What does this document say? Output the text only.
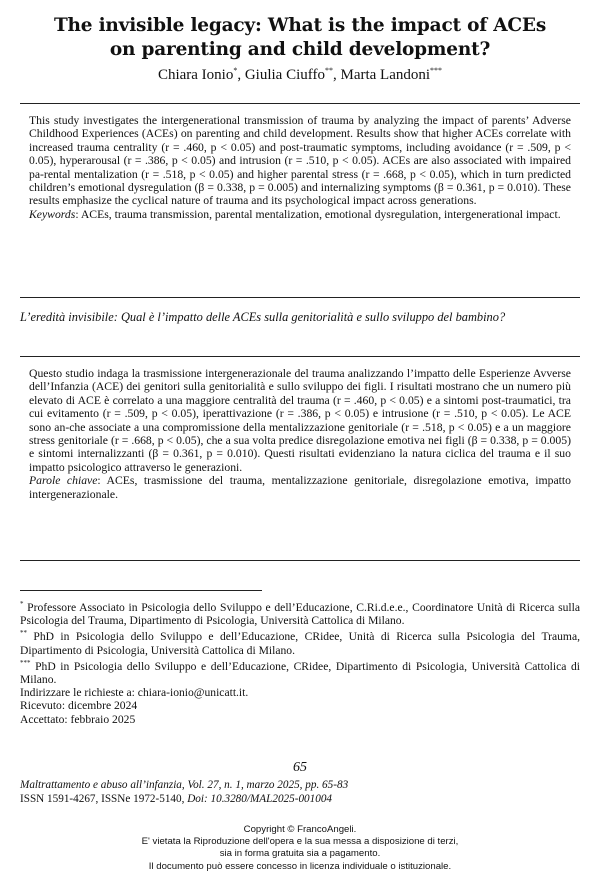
The invisible legacy: What is the impact of ACEs
on parenting and child development?
Chiara Ionio*, Giulia Ciuffo**, Marta Landoni***

This study investigates the intergenerational transmission of trauma by analyzing the impact of parents’ Adverse Childhood Experiences (ACEs) on parenting and child development. Results show that higher ACEs correlate with increased trauma centrality (r = .460, p < 0.05) and post-traumatic symptoms, including avoidance (r = .509, p < 0.05), hyperarousal (r = .386, p < 0.05) and intrusion (r = .510, p < 0.05). ACEs are also associated with impaired pa-rental mentalization (r = .518, p < 0.05) and higher parental stress (r = .668, p < 0.05), which in turn predicted children’s emotional dysregulation (β = 0.338, p = 0.005) and internalizing symptoms (β = 0.361, p = 0.010). These results emphasize the cyclical nature of trauma and its psychological impact across generations.

Keywords: ACEs, trauma transmission, parental mentalization, emotional dysregulation, intergenerational impact.

L’eredità invisibile: Qual è l’impatto delle ACEs sulla genitorialità e sullo sviluppo del bambino?

Questo studio indaga la trasmissione intergenerazionale del trauma analizzando l’impatto delle Esperienze Avverse dell’Infanzia (ACE) dei genitori sulla genitorialità e sullo sviluppo dei figli. I risultati mostrano che un numero più elevato di ACE è correlato a una maggiore centralità del trauma (r = .460, p < 0.05) e a sintomi post-traumatici, tra cui evitamento (r = .509, p < 0.05), iperattivazione (r = .386, p < 0.05) e intrusione (r = .510, p < 0.05). Le ACE sono an-che associate a una compromissione della mentalizzazione genitoriale (r = .518, p < 0.05) e a un maggiore stress genitoriale (r = .668, p < 0.05), che a sua volta predice disregolazione emotiva nei figli (β = 0.338, p = 0.005) e sintomi internalizzanti (β = 0.361, p = 0.010). Questi risultati evidenziano la natura ciclica del trauma e il suo impatto psicologico attraverso le generazioni.

Parole chiave: ACEs, trasmissione del trauma, mentalizzazione genitoriale, disregolazione emotiva, impatto intergenerazionale.

* Professore Associato in Psicologia dello Sviluppo e dell’Educazione, C.Ri.d.e.e., Coordinatore Unità di Ricerca sulla Psicologia del Trauma, Dipartimento di Psicologia, Università Cattolica di Milano.

** PhD in Psicologia dello Sviluppo e dell’Educazione, CRidee, Unità di Ricerca sulla Psicologia del Trauma, Dipartimento di Psicologia, Università Cattolica di Milano.

*** PhD in Psicologia dello Sviluppo e dell’Educazione, CRidee, Dipartimento di Psicologia, Università Cattolica di Milano.

Indirizzare le richieste a: chiara-ionio@unicatt.it.

Ricevuto: dicembre 2024

Accettato: febbraio 2025

65
Maltrattamento e abuso all’infanzia, Vol. 27, n. 1, marzo 2025, pp. 65-83
ISSN 1591-4267, ISSNe 1972-5140, Doi: 10.3280/MAL2025-001004
Copyright © FrancoAngeli.
E' vietata la Riproduzione dell'opera e la sua messa a disposizione di terzi,
sia in forma gratuita sia a pagamento.
Il documento può essere concesso in licenza individuale o istituzionale.
